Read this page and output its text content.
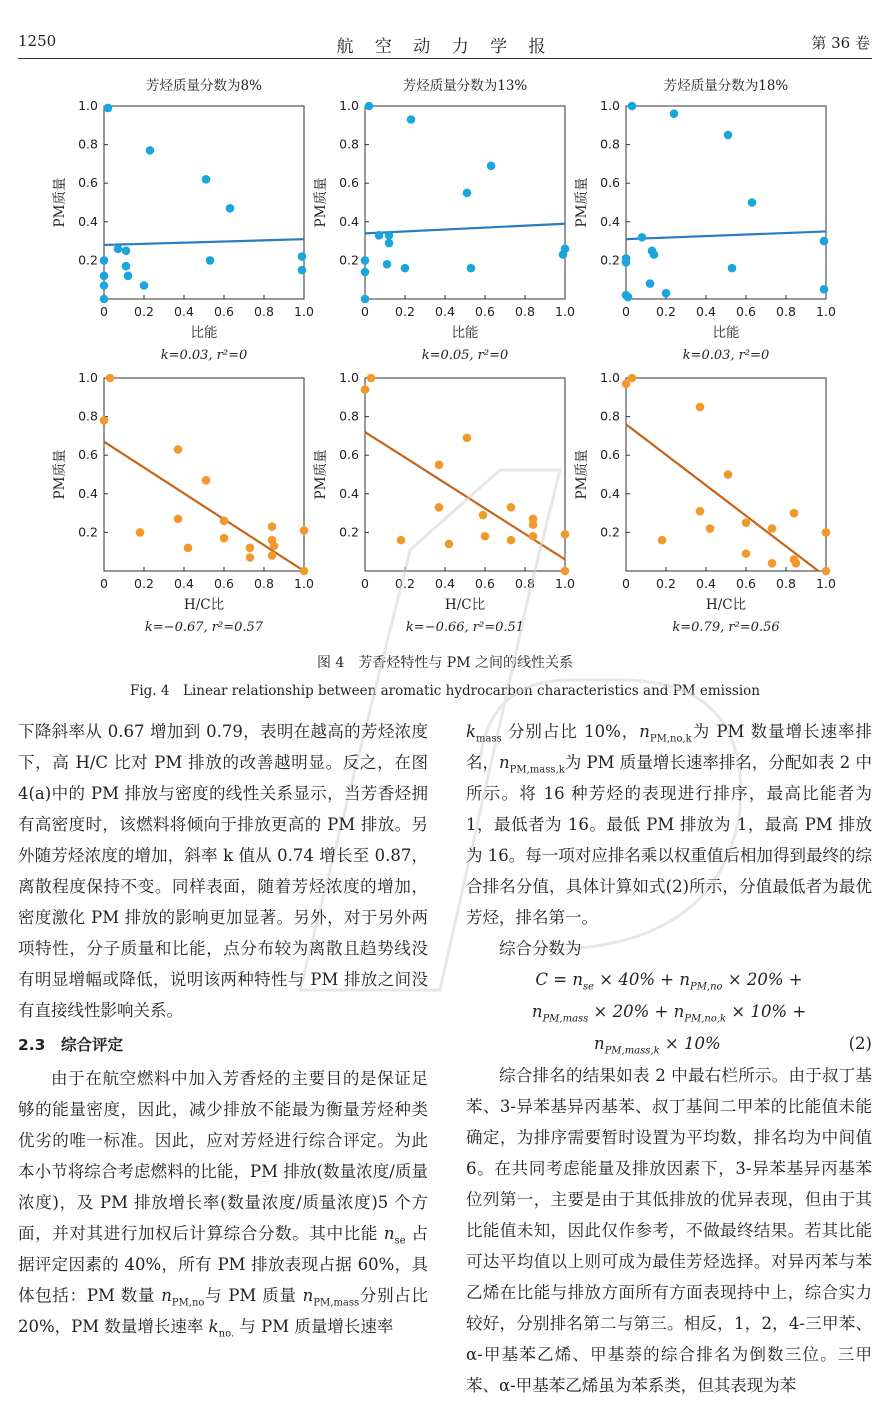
1250	航 空 动 力 学 报	第 36 卷
芳烃质量分数为8%
0 0.2 0.4 0.6 0.8 1.0
0.2
0.4
0.6
0.8
1.0
比能
PM质量
k=0.03, r²=0
芳烃质量分数为13%
0 0.2 0.4 0.6 0.8 1.0
0.2
0.4
0.6
0.8
1.0
比能
PM质量
k=0.05, r²=0
芳烃质量分数为18%
0 0.2 0.4 0.6 0.8 1.0
0.2
0.4
0.6
0.8
1.0
比能
PM质量
k=0.03, r²=0
0 0.2 0.4 0.6 0.8 1.0
0.2
0.4
0.6
0.8
1.0
H/C比
PM质量
k=−0.67, r²=0.57
0 0.2 0.4 0.6 0.8 1.0
0.2
0.4
0.6
0.8
1.0
H/C比
PM质量
k=−0.66, r²=0.51
0 0.2 0.4 0.6 0.8 1.0
0.2
0.4
0.6
0.8
1.0
H/C比
PM质量
k=0.79, r²=0.56
图 4　芳香烃特性与 PM 之间的线性关系
Fig. 4　Linear relationship between aromatic hydrocarbon characteristics and PM emission

下降斜率从 0.67 增加到 0.79，表明在越高的芳烃浓度下，高 H/C 比对 PM 排放的改善越明显。反之，在图 4(a)中的 PM 排放与密度的线性关系显示，当芳香烃拥有高密度时，该燃料将倾向于排放更高的 PM 排放。另外随芳烃浓度的增加，斜率 k 值从 0.74 增长至 0.87，离散程度保持不变。同样表面，随着芳烃浓度的增加，密度激化 PM 排放的影响更加显著。另外，对于另外两项特性，分子质量和比能，点分布较为离散且趋势线没有明显增幅或降低，说明该两种特性与 PM 排放之间没有直接线性影响关系。

2.3　综合评定

由于在航空燃料中加入芳香烃的主要目的是保证足够的能量密度，因此，减少排放不能最为衡量芳烃种类优劣的唯一标准。因此，应对芳烃进行综合评定。为此本小节将综合考虑燃料的比能，PM 排放(数量浓度/质量浓度)，及 PM 排放增长率(数量浓度/质量浓度)5 个方面，并对其进行加权后计算综合分数。其中比能 $n_{se}$ 占据评定因素的 40%，所有 PM 排放表现占据 60%，具体包括：PM 数量 $n_{PM,no}$与 PM 质量 $n_{PM,mass}$分别占比 20%，PM 数量增长速率 $k_{no.}$ 与 PM 质量增长速率

$k_{mass}$ 分别占比 10%，$n_{PM,no,k}$为 PM 数量增长速率排名，$n_{PM,mass,k}$为 PM 质量增长速率排名，分配如表 2 中所示。将 16 种芳烃的表现进行排序，最高比能者为 1，最低者为 16。最低 PM 排放为 1，最高 PM 排放为 16。每一项对应排名乘以权重值后相加得到最终的综合排名分值，具体计算如式(2)所示，分值最低者为最优芳烃，排名第一。

综合分数为

$C = n_{se} \times 40\% + n_{PM,no} \times 20\%$ +
$n_{PM,mass} \times 20\% + n_{PM,no,k} \times 10\%$ +
$n_{PM,mass,k} \times 10\%$	(2)

综合排名的结果如表 2 中最右栏所示。由于叔丁基苯、3-异苯基异丙基苯、叔丁基间二甲苯的比能值未能确定，为排序需要暂时设置为平均数，排名均为中间值 6。在共同考虑能量及排放因素下，3-异苯基异丙基苯位列第一，主要是由于其低排放的优异表现，但由于其比能值未知，因此仅作参考，不做最终结果。若其比能可达平均值以上则可成为最佳芳烃选择。对异丙苯与苯乙烯在比能与排放方面所有方面表现持中上，综合实力较好，分别排名第二与第三。相反，1，2，4-三甲苯、α-甲基苯乙烯、甲基萘的综合排名为倒数三位。三甲苯、α-甲基苯乙烯虽为苯系类，但其表现为苯
